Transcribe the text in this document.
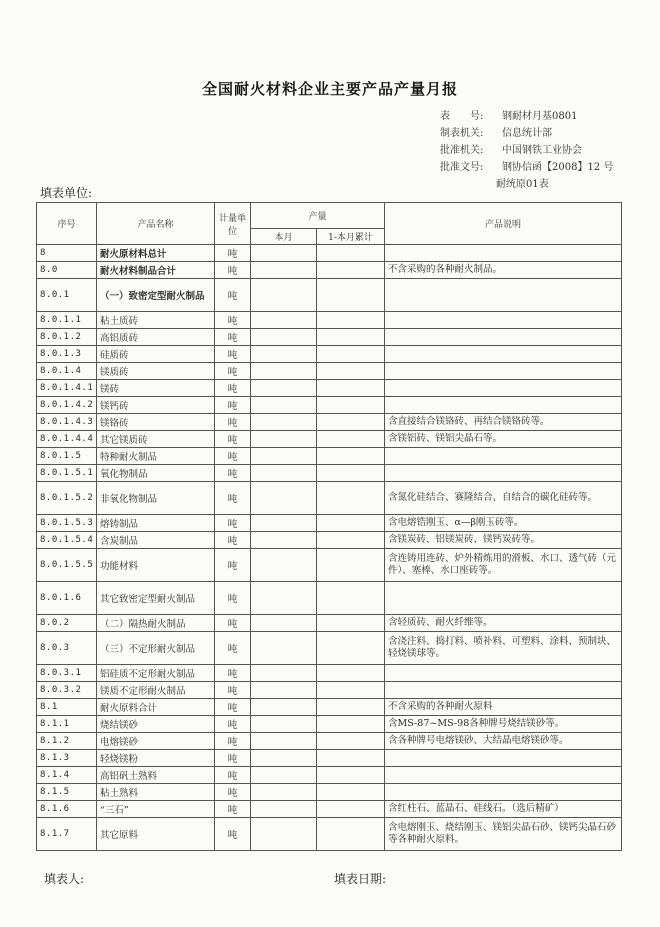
全国耐火材料企业主要产品产量月报
表　　号: 钢耐材月基0801
制表机关: 信息统计部
批准机关: 中国钢铁工业协会
批准文号: 钢协信函【2008】12 号
耐统原01表
填表单位:
序号	产品名称	计量单位	产量		产品说明
			本月	1-本月累计	
8	耐火原材料总计	吨			
8.0	耐火材料制品合计	吨			不含采购的各种耐火制品。
8.0.1	（一）致密定型耐火制品	吨			
8.0.1.1	粘土质砖	吨			
8.0.1.2	高铝质砖	吨			
8.0.1.3	硅质砖	吨			
8.0.1.4	镁质砖	吨			
8.0.1.4.1	镁砖	吨			
8.0.1.4.2	镁钙砖	吨			
8.0.1.4.3	镁铬砖	吨			含直接结合镁铬砖、再结合镁铬砖等。
8.0.1.4.4	其它镁质砖	吨			含镁铝砖、镁铝尖晶石等。
8.0.1.5	特种耐火制品	吨			
8.0.1.5.1	氧化物制品	吨			
8.0.1.5.2	非氧化物制品	吨			含氮化硅结合、赛隆结合、自结合的碳化硅砖等。
8.0.1.5.3	熔铸制品	吨			含电熔锆刚玉、α—β刚玉砖等。
8.0.1.5.4	含炭制品	吨			含镁炭砖、铝镁炭砖、镁钙炭砖等。
8.0.1.5.5	功能材料	吨			含连铸用连砖、炉外精炼用的滑板、水口、透气砖（元件）、塞棒、水口座砖等。
8.0.1.6	其它致密定型耐火制品	吨			
8.0.2	（二）隔热耐火制品	吨			含轻质砖、耐火纤维等。
8.0.3	（三）不定形耐火制品	吨			含浇注料、捣打料、喷补料、可塑料、涂料、预制块、轻烧镁球等。
8.0.3.1	铝硅质不定形耐火制品	吨			
8.0.3.2	镁质不定形耐火制品	吨			
8.1	耐火原料合计	吨			不含采购的各种耐火原料
8.1.1	烧结镁砂	吨			含MS-87~MS-98各种牌号烧结镁砂等。
8.1.2	电熔镁砂	吨			含各种牌号电熔镁砂、大结晶电熔镁砂等。
8.1.3	轻烧镁粉	吨			
8.1.4	高铝矾土熟料	吨			
8.1.5	粘土熟料	吨			
8.1.6	“三石”	吨			含红柱石、蓝晶石、硅线石。（选后精矿）
8.1.7	其它原料	吨			含电熔刚玉、烧结刚玉、镁铝尖晶石砂、镁钙尖晶石砂等各种耐火原料。
填表人:	填表日期:
